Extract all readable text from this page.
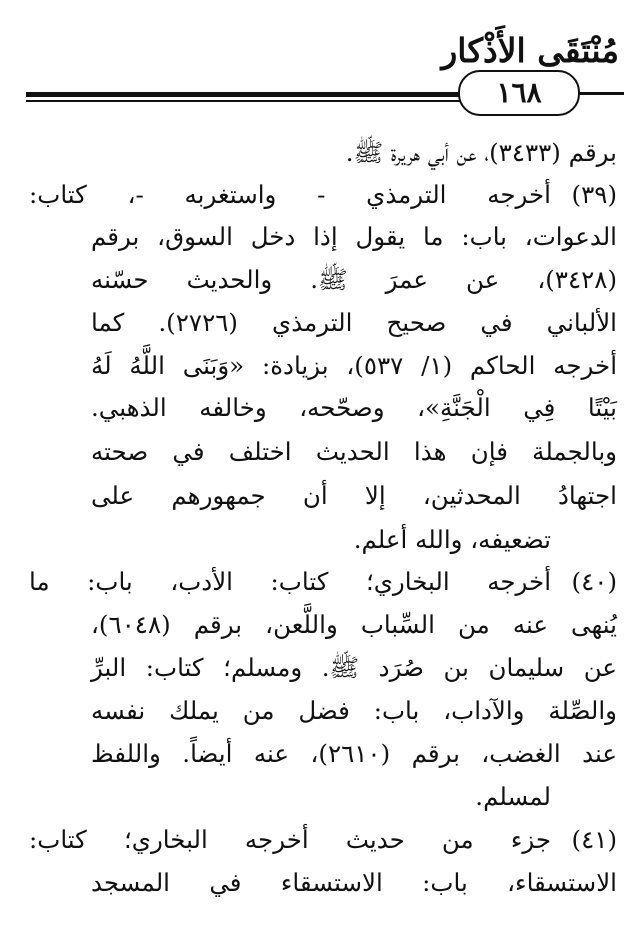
مُنْتَقَى الأَذْكار
١٦٨
برقم (٣٤٣٣)، عن أبي هريرة ﷺ.
(٣٩)
أخرجه الترمذي - واستغربه -، كتاب:
الدعوات، باب: ما يقول إذا دخل السوق، برقم
(٣٤٢٨)، عن عمرَ ﷺ. والحديث حسّنه
الألباني في صحيح الترمذي (٢٧٢٦). كما
أخرجه الحاكم (١/ ٥٣٧)، بزيادة: «وَبَنَى اللَّهُ لَهُ
بَيْتًا فِي الْجَنَّةِ»، وصحّحه، وخالفه الذهبي.
وبالجملة فإن هذا الحديث اختلف في صحته
اجتهادُ المحدثين، إلا أن جمهورهم على
تضعيفه، والله أعلم.
(٤٠)
أخرجه البخاري؛ كتاب: الأدب، باب: ما
يُنهى عنه من السِّباب واللَّعن، برقم (٦٠٤٨)،
عن سليمان بن صُرَد ﷺ. ومسلم؛ كتاب: البرِّ
والصِّلة والآداب، باب: فضل من يملك نفسه
عند الغضب، برقم (٢٦١٠)، عنه أيضاً. واللفظ
لمسلم.
(٤١)
جزء من حديث أخرجه البخاري؛ كتاب:
الاستسقاء، باب: الاستسقاء في المسجد
